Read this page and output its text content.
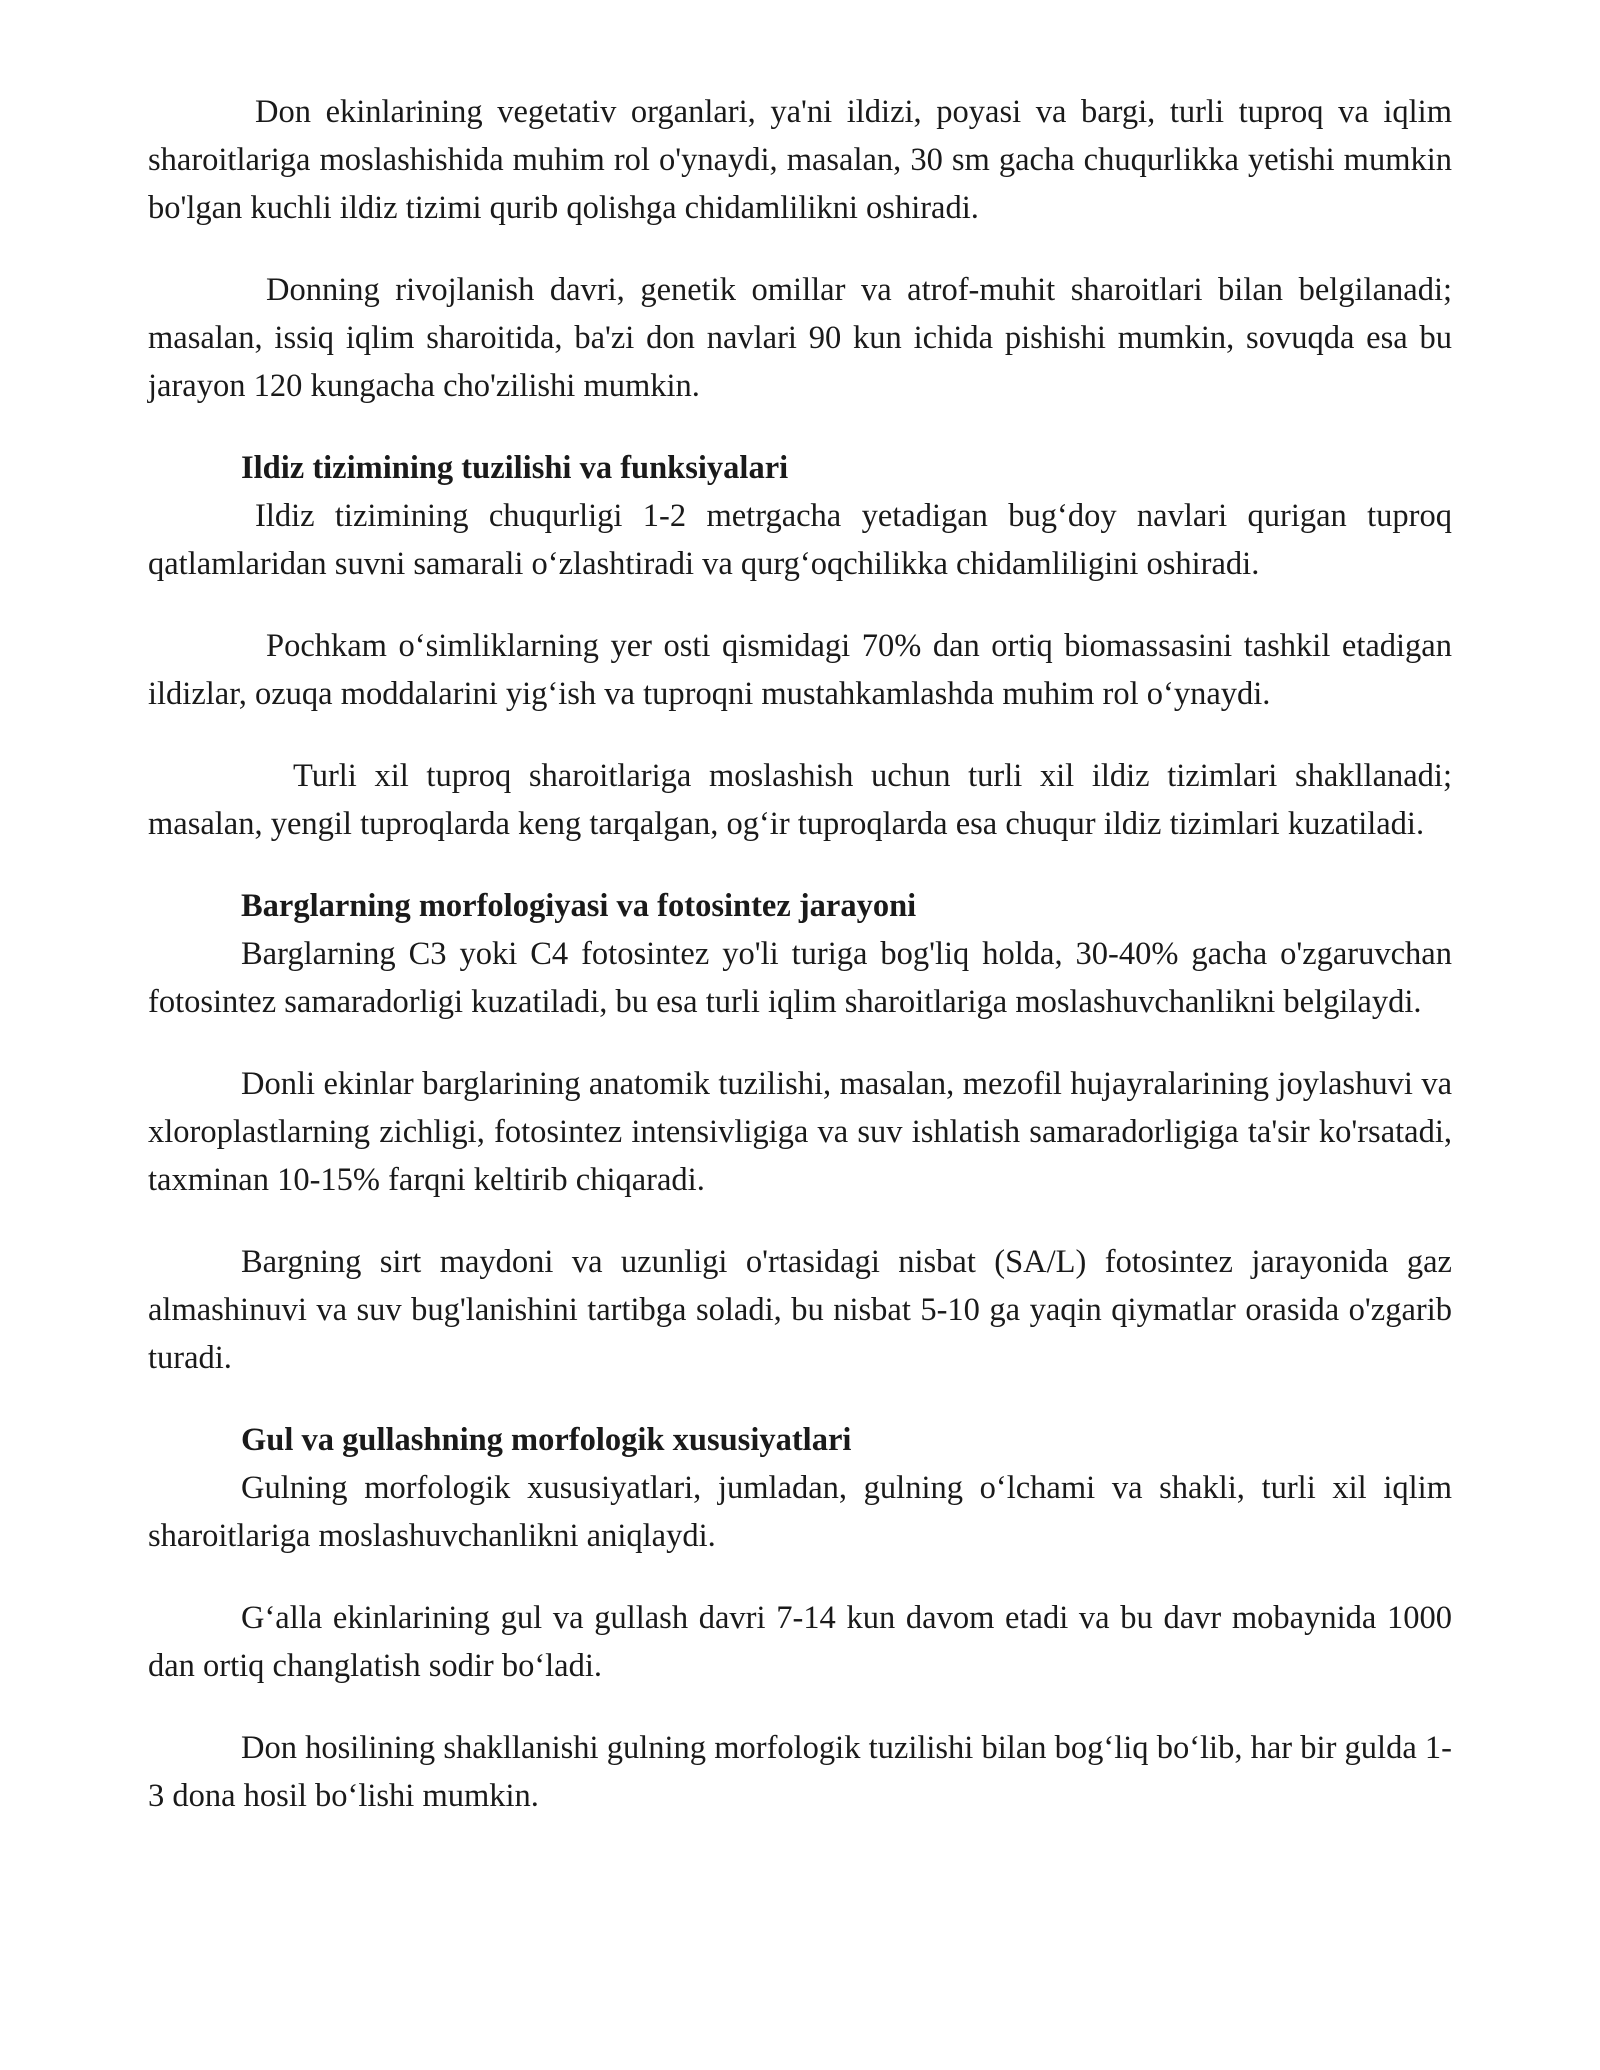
Don ekinlarining vegetativ organlari, ya'ni ildizi, poyasi va bargi, turli tuproq va iqlim sharoitlariga moslashishida muhim rol o'ynaydi, masalan, 30 sm gacha chuqurlikka yetishi mumkin bo'lgan kuchli ildiz tizimi qurib qolishga chidamlilikni oshiradi.

Donning rivojlanish davri, genetik omillar va atrof-muhit sharoitlari bilan belgilanadi; masalan, issiq iqlim sharoitida, ba'zi don navlari 90 kun ichida pishishi mumkin, sovuqda esa bu jarayon 120 kungacha cho'zilishi mumkin.

Ildiz tizimining tuzilishi va funksiyalari

Ildiz tizimining chuqurligi 1-2 metrgacha yetadigan bug‘doy navlari qurigan tuproq qatlamlaridan suvni samarali o‘zlashtiradi va qurg‘oqchilikka chidamliligini oshiradi.

Pochkam o‘simliklarning yer osti qismidagi 70% dan ortiq biomassasini tashkil etadigan ildizlar, ozuqa moddalarini yig‘ish va tuproqni mustahkamlashda muhim rol o‘ynaydi.

Turli xil tuproq sharoitlariga moslashish uchun turli xil ildiz tizimlari shakllanadi; masalan, yengil tuproqlarda keng tarqalgan, og‘ir tuproqlarda esa chuqur ildiz tizimlari kuzatiladi.

Barglarning morfologiyasi va fotosintez jarayoni

Barglarning C3 yoki C4 fotosintez yo'li turiga bog'liq holda, 30-40% gacha o'zgaruvchan fotosintez samaradorligi kuzatiladi, bu esa turli iqlim sharoitlariga moslashuvchanlikni belgilaydi.

Donli ekinlar barglarining anatomik tuzilishi, masalan, mezofil hujayralarining joylashuvi va xloroplastlarning zichligi, fotosintez intensivligiga va suv ishlatish samaradorligiga ta'sir ko'rsatadi, taxminan 10-15% farqni keltirib chiqaradi.

Bargning sirt maydoni va uzunligi o'rtasidagi nisbat (SA/L) fotosintez jarayonida gaz almashinuvi va suv bug'lanishini tartibga soladi, bu nisbat 5-10 ga yaqin qiymatlar orasida o'zgarib turadi.

Gul va gullashning morfologik xususiyatlari

Gulning morfologik xususiyatlari, jumladan, gulning o‘lchami va shakli, turli xil iqlim sharoitlariga moslashuvchanlikni aniqlaydi.

G‘alla ekinlarining gul va gullash davri 7-14 kun davom etadi va bu davr mobaynida 1000 dan ortiq changlatish sodir bo‘ladi.

Don hosilining shakllanishi gulning morfologik tuzilishi bilan bog‘liq bo‘lib, har bir gulda 1-3 dona hosil bo‘lishi mumkin.
